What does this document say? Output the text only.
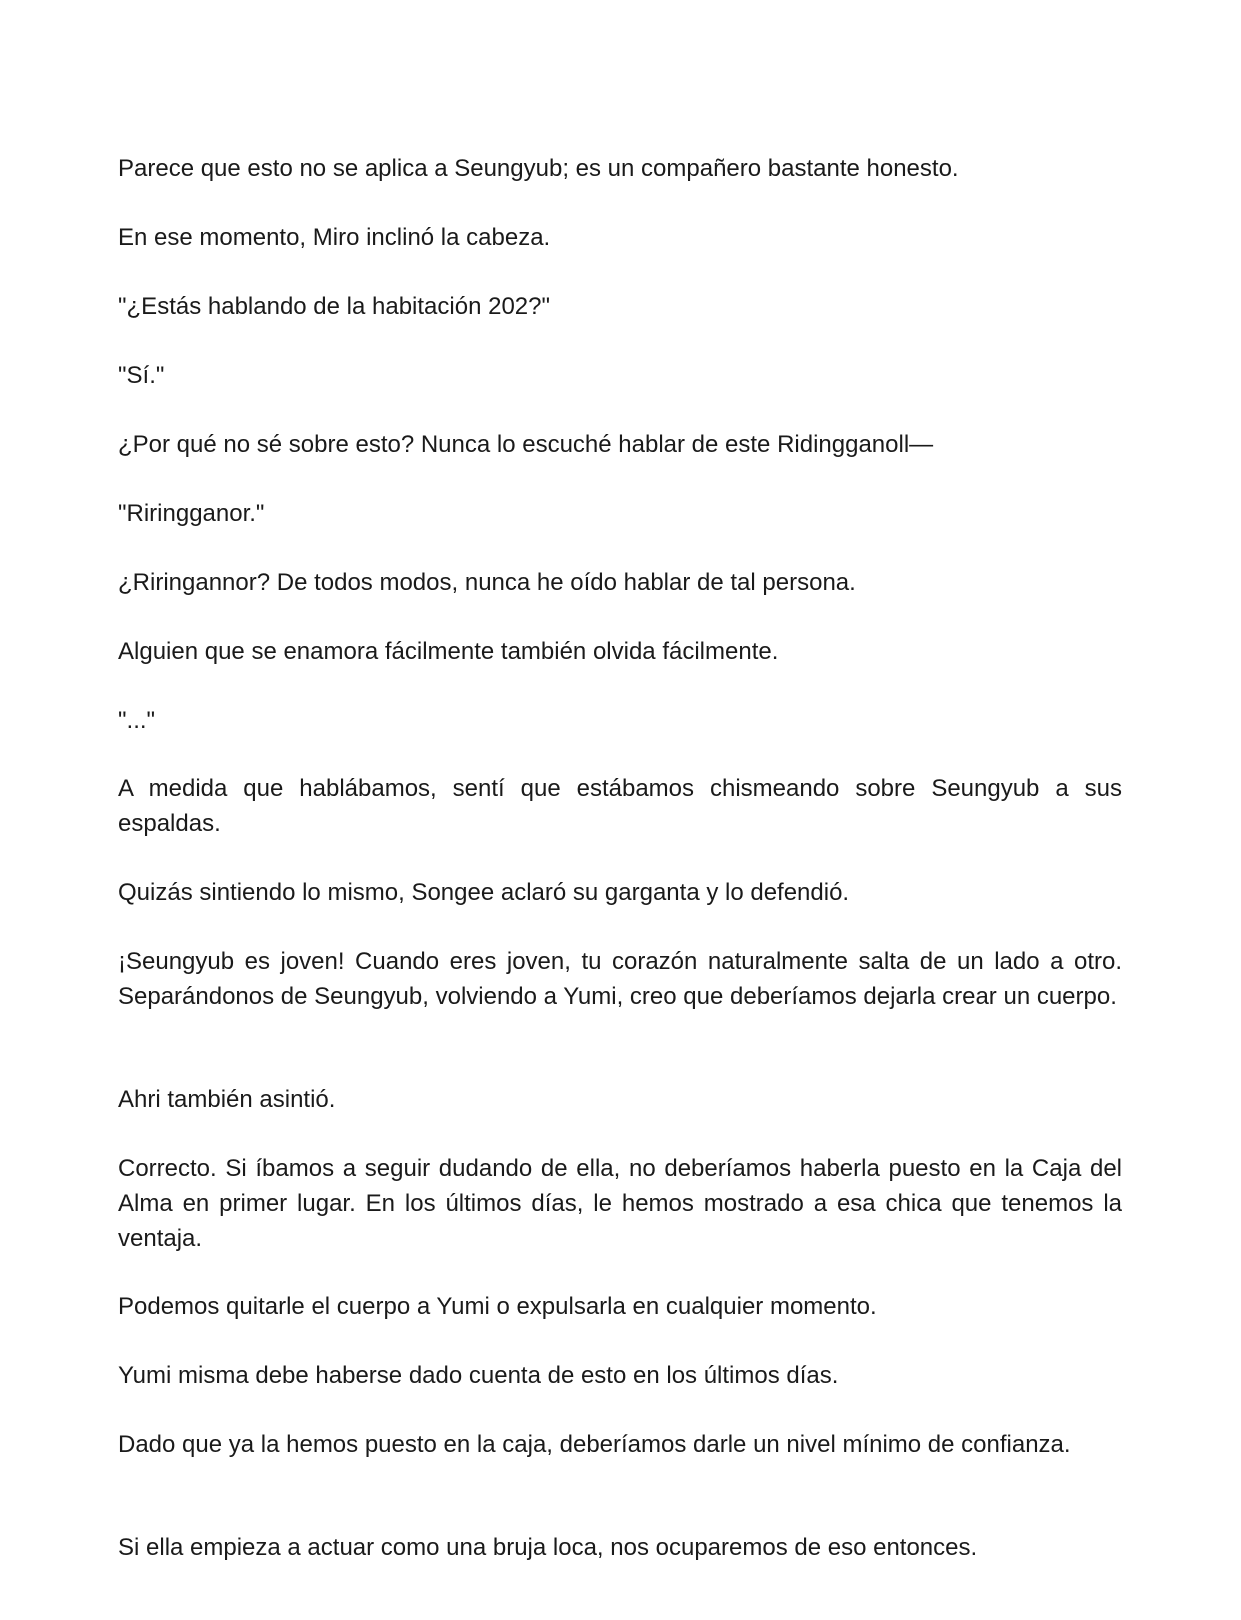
Parece que esto no se aplica a Seungyub; es un compañero bastante honesto.

En ese momento, Miro inclinó la cabeza.

"¿Estás hablando de la habitación 202?"

"Sí."

¿Por qué no sé sobre esto? Nunca lo escuché hablar de este Ridingganoll—

"Riringganor."

¿Riringannor? De todos modos, nunca he oído hablar de tal persona.

Alguien que se enamora fácilmente también olvida fácilmente.

"..."

A medida que hablábamos, sentí que estábamos chismeando sobre Seungyub a sus espaldas.

Quizás sintiendo lo mismo, Songee aclaró su garganta y lo defendió.

¡Seungyub es joven! Cuando eres joven, tu corazón naturalmente salta de un lado a otro. Separándonos de Seungyub, volviendo a Yumi, creo que deberíamos dejarla crear un cuerpo.

Ahri también asintió.

Correcto. Si íbamos a seguir dudando de ella, no deberíamos haberla puesto en la Caja del Alma en primer lugar. En los últimos días, le hemos mostrado a esa chica que tenemos la ventaja.

Podemos quitarle el cuerpo a Yumi o expulsarla en cualquier momento.

Yumi misma debe haberse dado cuenta de esto en los últimos días.

Dado que ya la hemos puesto en la caja, deberíamos darle un nivel mínimo de confianza.

Si ella empieza a actuar como una bruja loca, nos ocuparemos de eso entonces.
